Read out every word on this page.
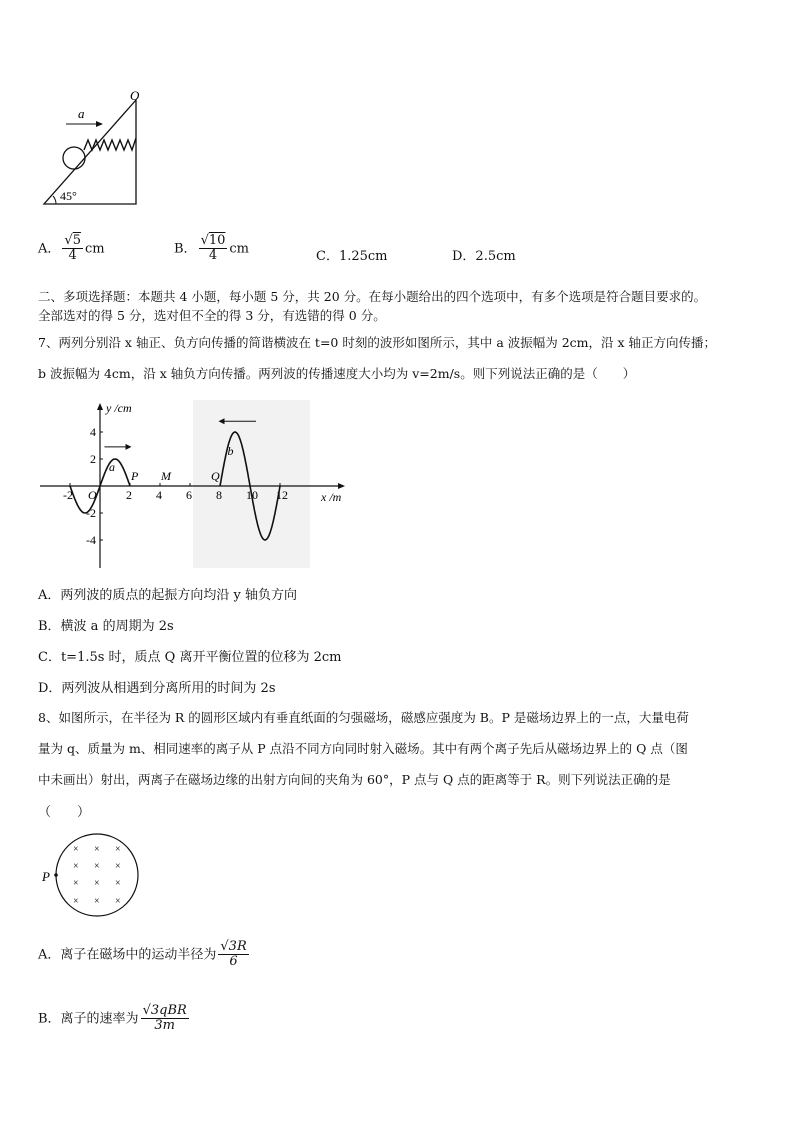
a
O
45°
A． √ $\frac{5}{4}$ cm	B． √ $\frac{10}{4}$ cm
C．1.25cm	D．2.5cm
二、多项选择题：本题共 4 小题，每小题 5 分，共 20 分。在每小题给出的四个选项中，有多个选项是符合题目要求的。
全部选对的得 5 分，选对但不全的得 3 分，有选错的得 0 分。
7、两列分别沿 x 轴正、负方向传播的简谐横波在 t=0 时刻的波形如图所示，其中 a 波振幅为 2cm，沿 x 轴正方向传播；
b 波振幅为 4cm，沿 x 轴负方向传播。两列波的传播速度大小均为 v=2m/s。则下列说法正确的是（　　）
y /cm
x /m
O
-2	2 4 6 8 10 12
4
2
-2
-4
a
b
P M	Q
A．两列波的质点的起振方向均沿 y 轴负方向
B．横波 a 的周期为 2s
C．t=1.5s 时，质点 Q 离开平衡位置的位移为 2cm
D．两列波从相遇到分离所用的时间为 2s
8、如图所示，在半径为 R 的圆形区域内有垂直纸面的匀强磁场，磁感应强度为 B。P 是磁场边界上的一点，大量电荷
量为 q、质量为 m、相同速率的离子从 P 点沿不同方向同时射入磁场。其中有两个离子先后从磁场边界上的 Q 点（图
中未画出）射出，两离子在磁场边缘的出射方向间的夹角为 60°，P 点与 Q 点的距离等于 R。则下列说法正确的是
（　　）
P
× × ×
× × ×
× × ×
× × ×
A．离子在磁场中的运动半径为 $\frac{√3R}{6}$
B．离子的速率为 $\frac{\text{√3qBR}}{3m}$
